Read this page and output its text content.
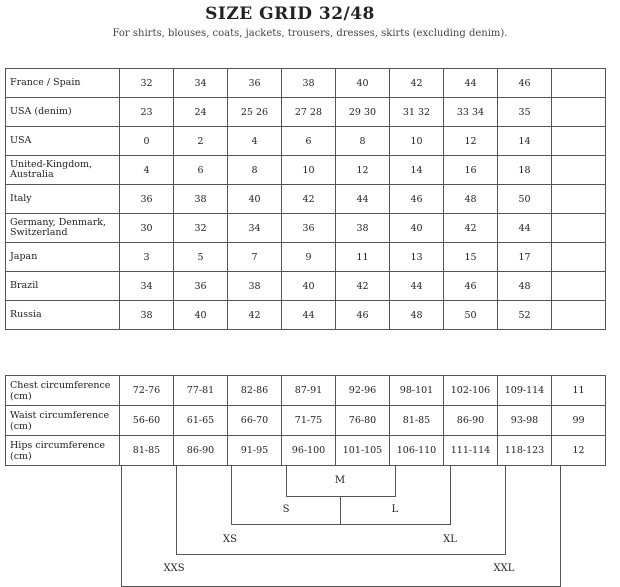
SIZE GRID 32/48
For shirts, blouses, coats, jackets, trousers, dresses, skirts (excluding denim).
France / Spain	32	34	36	38	40	42	44	46	
USA (denim)	23	24	25 26	27 28	29 30	31 32	33 34	35	
USA	0	2	4	6	8	10	12	14	
United-Kingdom, Australia	4	6	8	10	12	14	16	18	
Italy	36	38	40	42	44	46	48	50	
Germany, Denmark, Switzerland	30	32	34	36	38	40	42	44	
Japan	3	5	7	9	11	13	15	17	
Brazil	34	36	38	40	42	44	46	48	
Russia	38	40	42	44	46	48	50	52	
Chest circumference (cm)	72-76	77-81	82-86	87-91	92-96	98-101	102-106	109-114	11
Waist circumference (cm)	56-60	61-65	66-70	71-75	76-80	81-85	86-90	93-98	99
Hips circumference (cm)	81-85	86-90	91-95	96-100	101-105	106-110	111-114	118-123	12
M
S	L
XS	XL
XXS	XXL
